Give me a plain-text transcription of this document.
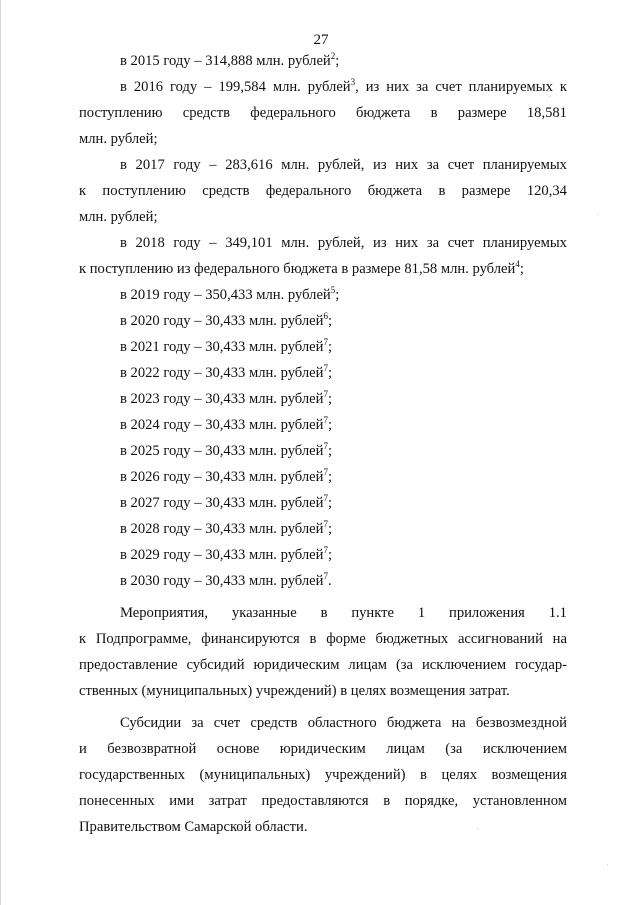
27
в 2015 году – 314,888 млн. рублей$^2$;
в 2016 году – 199,584 млн. рублей$^3$, из них за счет планируемых к
поступлению средств федерального бюджета в размере 18,581
млн. рублей;
в 2017 году – 283,616 млн. рублей, из них за счет планируемых
к поступлению средств федерального бюджета в размере 120,34
млн. рублей;
в 2018 году – 349,101 млн. рублей, из них за счет планируемых
к поступлению из федерального бюджета в размере 81,58 млн. рублей$^4$;
в 2019 году – 350,433 млн. рублей$^5$;
в 2020 году – 30,433 млн. рублей$^6$;
в 2021 году – 30,433 млн. рублей$^7$;
в 2022 году – 30,433 млн. рублей$^7$;
в 2023 году – 30,433 млн. рублей$^7$;
в 2024 году – 30,433 млн. рублей$^7$;
в 2025 году – 30,433 млн. рублей$^7$;
в 2026 году – 30,433 млн. рублей$^7$;
в 2027 году – 30,433 млн. рублей$^7$;
в 2028 году – 30,433 млн. рублей$^7$;
в 2029 году – 30,433 млн. рублей$^7$;
в 2030 году – 30,433 млн. рублей$^7$.
Мероприятия, указанные в пункте 1 приложения 1.1
к Подпрограмме, финансируются в форме бюджетных ассигнований на
предоставление субсидий юридическим лицам (за исключением государ-
ственных (муниципальных) учреждений) в целях возмещения затрат.
Субсидии за счет средств областного бюджета на безвозмездной
и безвозвратной основе юридическим лицам (за исключением
государственных (муниципальных) учреждений) в целях возмещения
понесенных ими затрат предоставляются в порядке, установленном
Правительством Самарской области.
